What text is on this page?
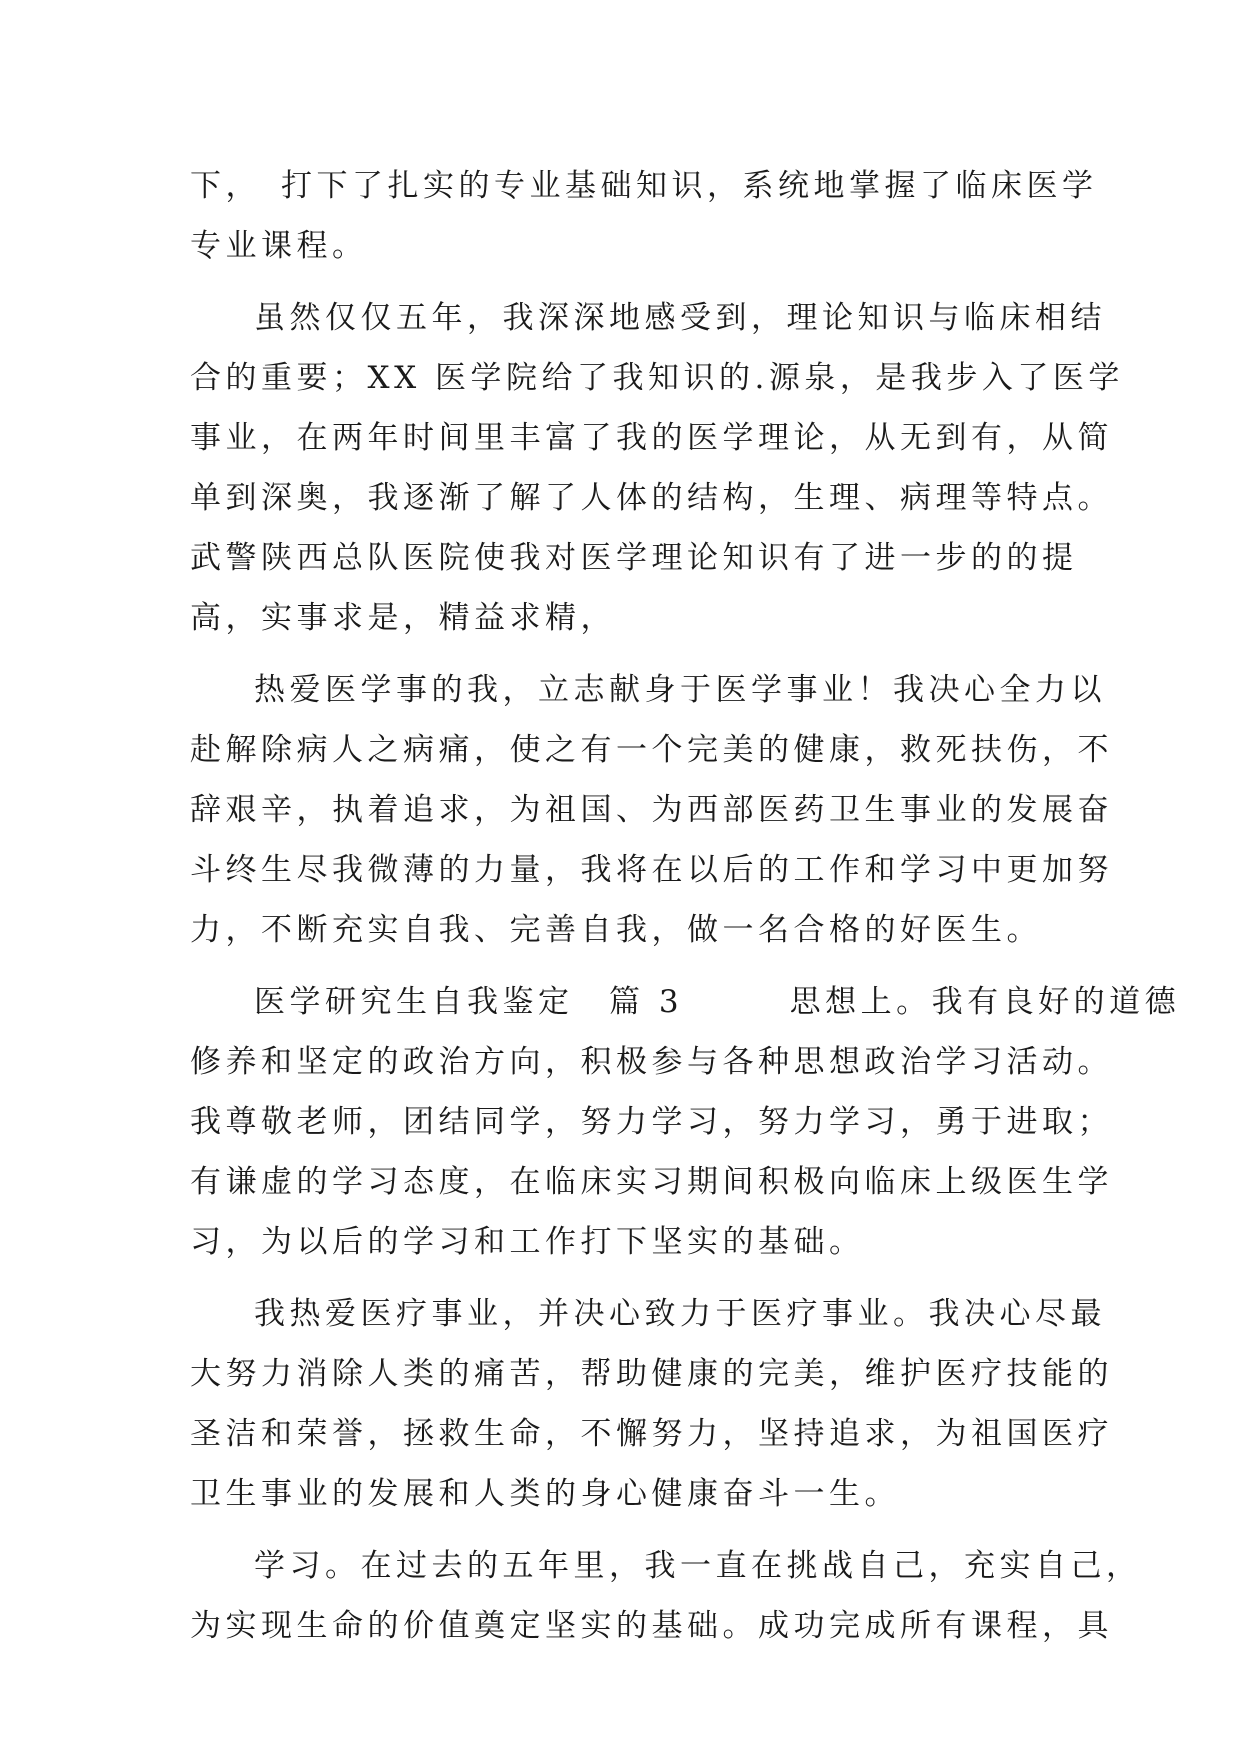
下，　打下了扎实的专业基础知识，系统地掌握了临床医学
专业课程。
虽然仅仅五年，我深深地感受到，理论知识与临床相结
合的重要；XX 医学院给了我知识的.源泉，是我步入了医学
事业，在两年时间里丰富了我的医学理论，从无到有，从简
单到深奥，我逐渐了解了人体的结构，生理、病理等特点。
武警陕西总队医院使我对医学理论知识有了进一步的的提
高，实事求是，精益求精，
热爱医学事的我，立志献身于医学事业！我决心全力以
赴解除病人之病痛，使之有一个完美的健康，救死扶伤，不
辞艰辛，执着追求，为祖国、为西部医药卫生事业的发展奋
斗终生尽我微薄的力量，我将在以后的工作和学习中更加努
力，不断充实自我、完善自我，做一名合格的好医生。
医学研究生自我鉴定　篇 3　　　思想上。我有良好的道德
修养和坚定的政治方向，积极参与各种思想政治学习活动。
我尊敬老师，团结同学，努力学习，努力学习，勇于进取；
有谦虚的学习态度，在临床实习期间积极向临床上级医生学
习，为以后的学习和工作打下坚实的基础。
我热爱医疗事业，并决心致力于医疗事业。我决心尽最
大努力消除人类的痛苦，帮助健康的完美，维护医疗技能的
圣洁和荣誉，拯救生命，不懈努力，坚持追求，为祖国医疗
卫生事业的发展和人类的身心健康奋斗一生。
学习。在过去的五年里，我一直在挑战自己，充实自己，
为实现生命的价值奠定坚实的基础。成功完成所有课程，具
